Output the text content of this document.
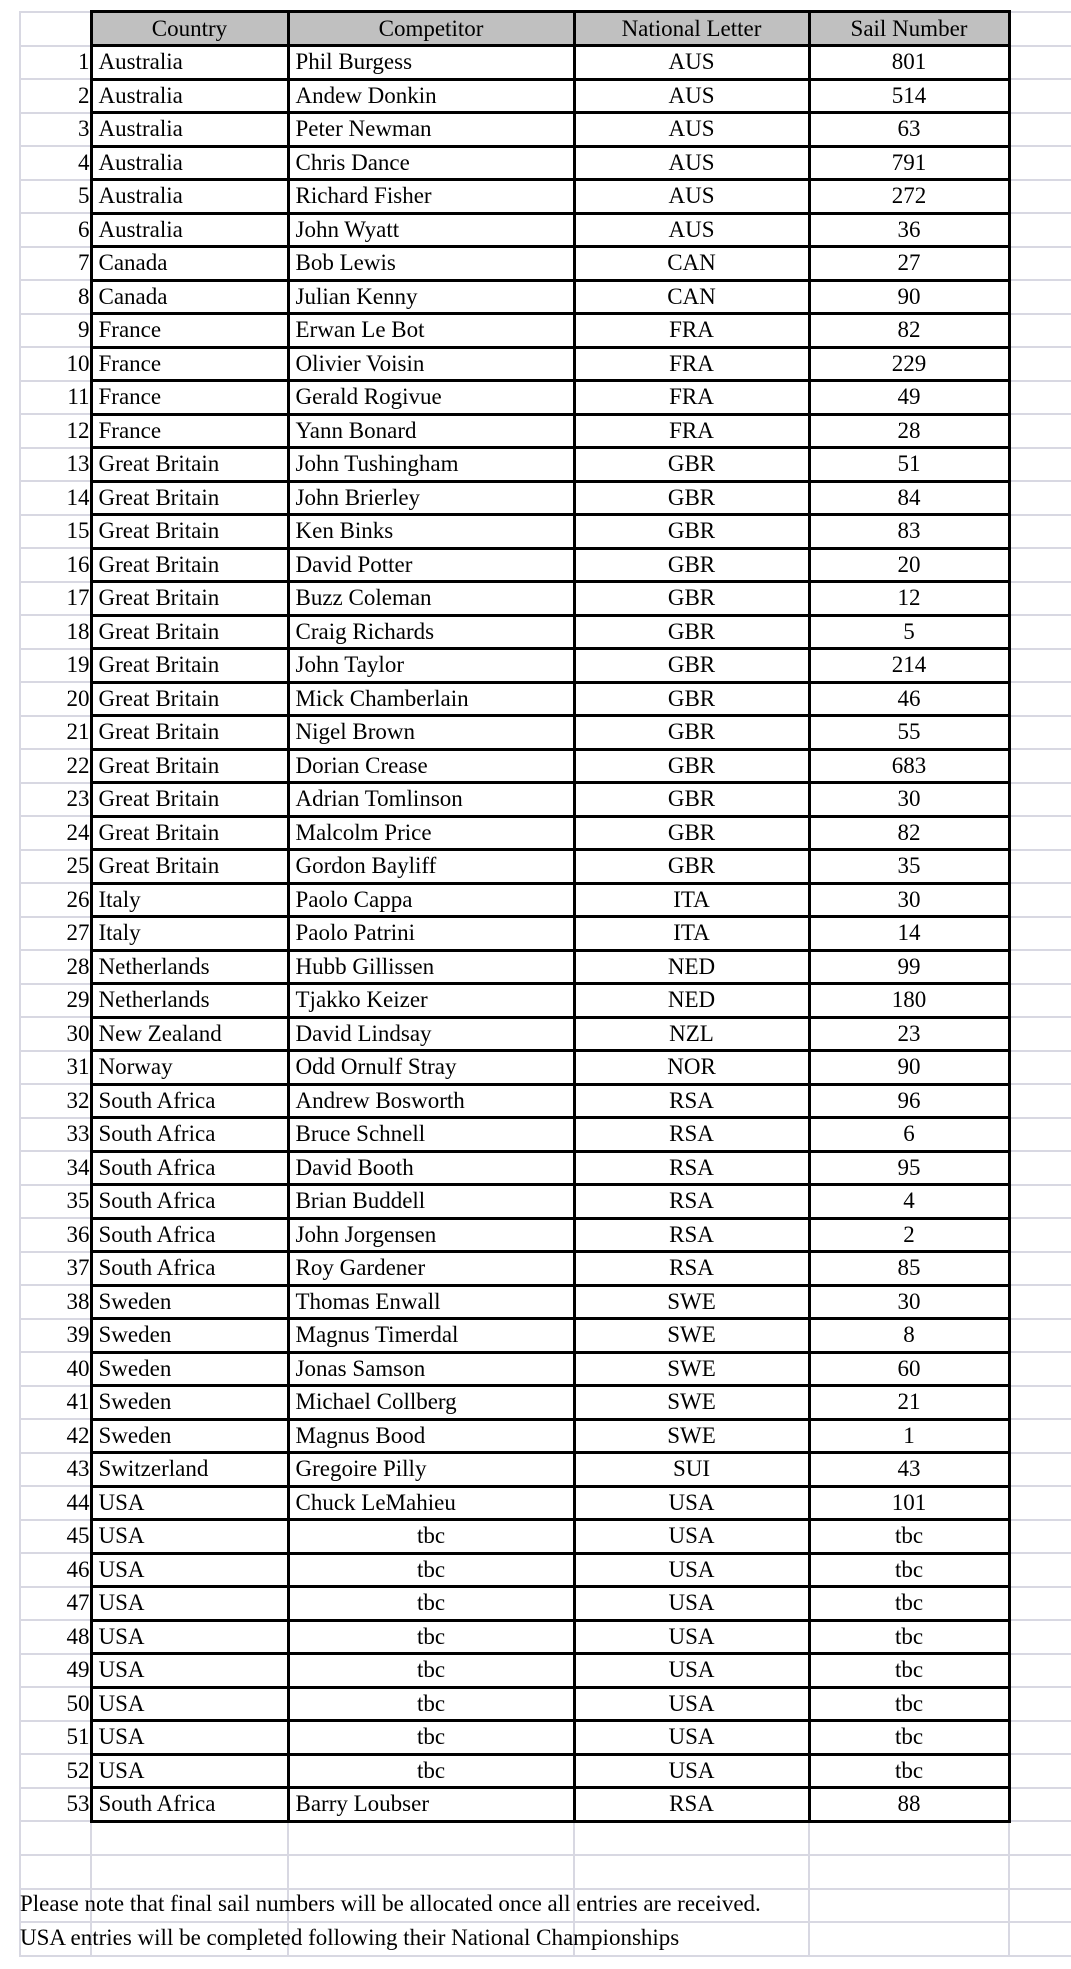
	Country	Competitor	National Letter	Sail Number	
1	Australia	Phil Burgess	AUS	801	
2	Australia	Andew Donkin	AUS	514	
3	Australia	Peter Newman	AUS	63	
4	Australia	Chris Dance	AUS	791	
5	Australia	Richard Fisher	AUS	272	
6	Australia	John Wyatt	AUS	36	
7	Canada	Bob Lewis	CAN	27	
8	Canada	Julian Kenny	CAN	90	
9	France	Erwan Le Bot	FRA	82	
10	France	Olivier Voisin	FRA	229	
11	France	Gerald Rogivue	FRA	49	
12	France	Yann Bonard	FRA	28	
13	Great Britain	John Tushingham	GBR	51	
14	Great Britain	John Brierley	GBR	84	
15	Great Britain	Ken Binks	GBR	83	
16	Great Britain	David Potter	GBR	20	
17	Great Britain	Buzz Coleman	GBR	12	
18	Great Britain	Craig Richards	GBR	5	
19	Great Britain	John Taylor	GBR	214	
20	Great Britain	Mick Chamberlain	GBR	46	
21	Great Britain	Nigel Brown	GBR	55	
22	Great Britain	Dorian Crease	GBR	683	
23	Great Britain	Adrian Tomlinson	GBR	30	
24	Great Britain	Malcolm Price	GBR	82	
25	Great Britain	Gordon Bayliff	GBR	35	
26	Italy	Paolo Cappa	ITA	30	
27	Italy	Paolo Patrini	ITA	14	
28	Netherlands	Hubb Gillissen	NED	99	
29	Netherlands	Tjakko Keizer	NED	180	
30	New Zealand	David Lindsay	NZL	23	
31	Norway	Odd Ornulf Stray	NOR	90	
32	South Africa	Andrew Bosworth	RSA	96	
33	South Africa	Bruce Schnell	RSA	6	
34	South Africa	David Booth	RSA	95	
35	South Africa	Brian Buddell	RSA	4	
36	South Africa	John Jorgensen	RSA	2	
37	South Africa	Roy Gardener	RSA	85	
38	Sweden	Thomas Enwall	SWE	30	
39	Sweden	Magnus Timerdal	SWE	8	
40	Sweden	Jonas Samson	SWE	60	
41	Sweden	Michael Collberg	SWE	21	
42	Sweden	Magnus Bood	SWE	1	
43	Switzerland	Gregoire Pilly	SUI	43	
44	USA	Chuck LeMahieu	USA	101	
45	USA	tbc	USA	tbc	
46	USA	tbc	USA	tbc	
47	USA	tbc	USA	tbc	
48	USA	tbc	USA	tbc	
49	USA	tbc	USA	tbc	
50	USA	tbc	USA	tbc	
51	USA	tbc	USA	tbc	
52	USA	tbc	USA	tbc	
53	South Africa	Barry Loubser	RSA	88	

Please note that final sail numbers will be allocated once all entries are received.
USA entries will be completed following their National Championships
